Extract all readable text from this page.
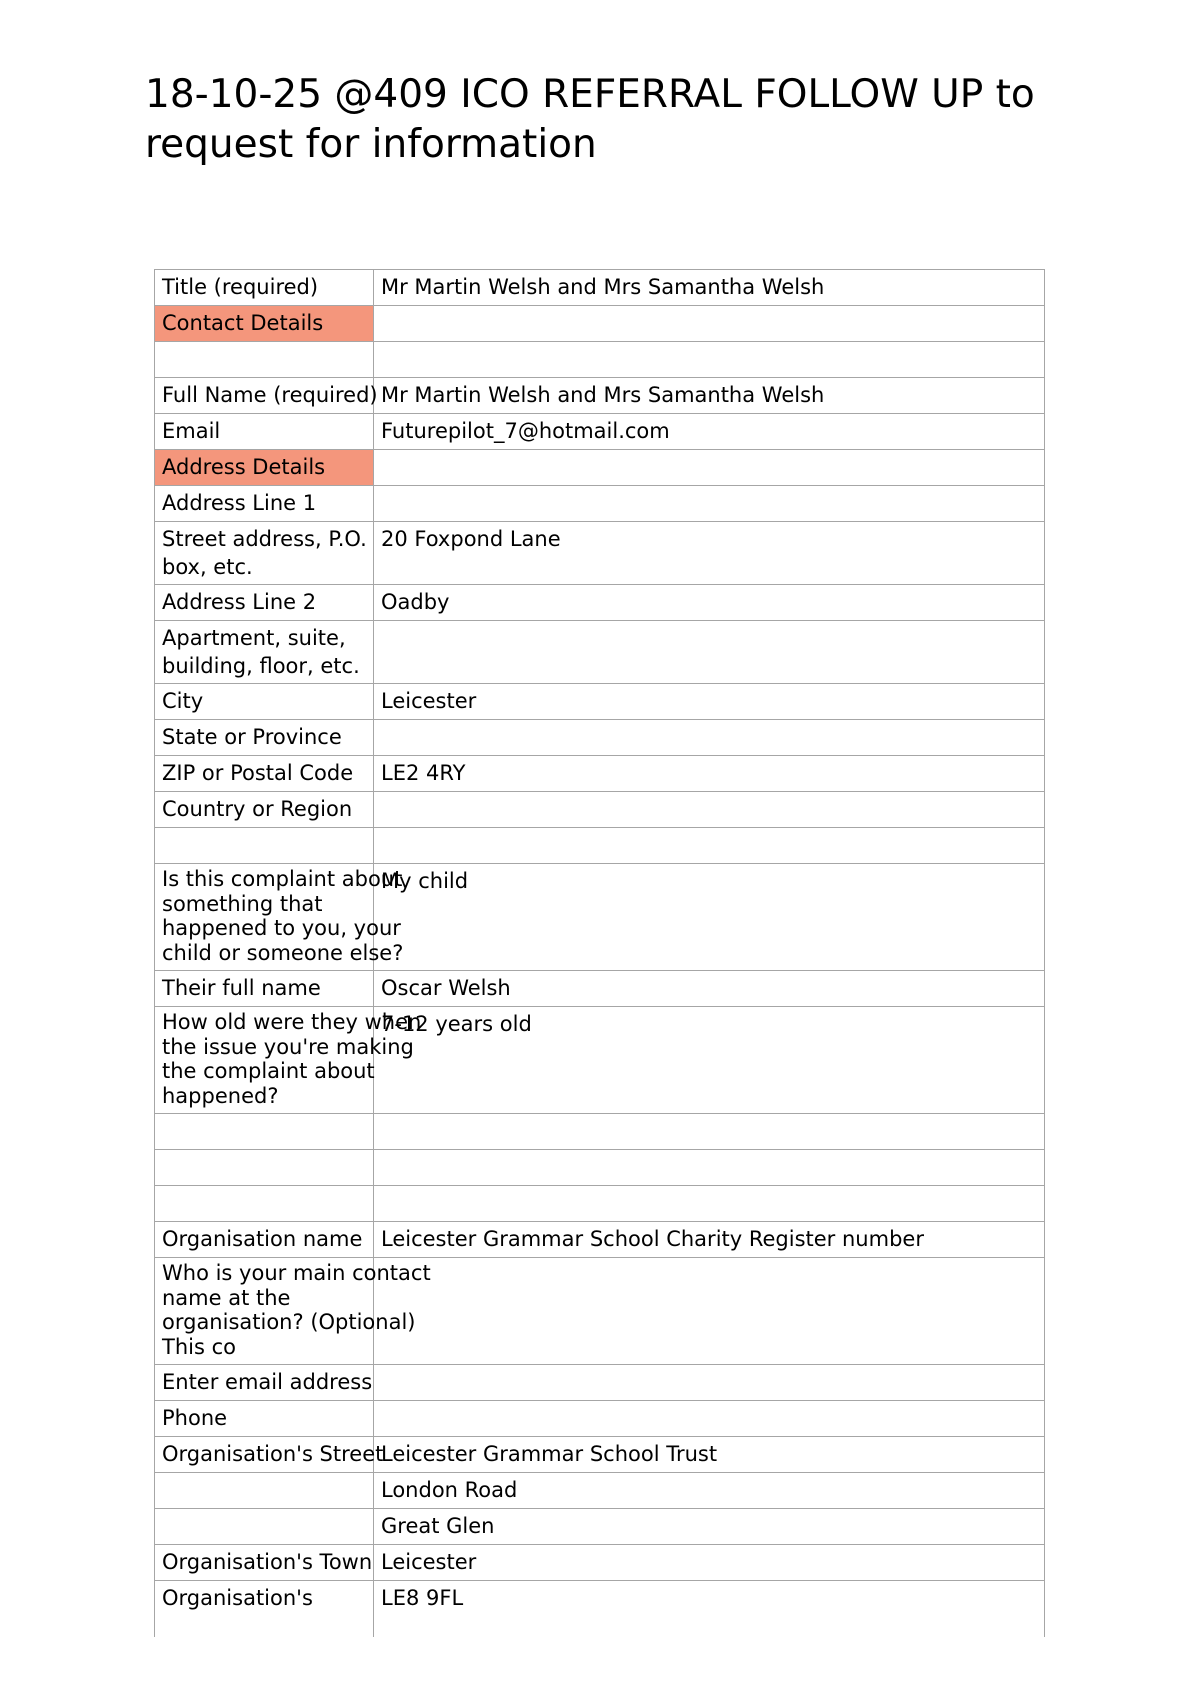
18-10-25 @409 ICO REFERRAL FOLLOW UP to request for information
Title (required)	Mr Martin Welsh and Mrs Samantha Welsh

Contact Details	

Full Name (required)	Mr Martin Welsh and Mrs Samantha Welsh

Email	Futurepilot_7@hotmail.com

Address Details	

Address Line 1	

Street address, P.O. box, etc.	20 Foxpond Lane

Address Line 2	Oadby

Apartment, suite, building, floor, etc.	

City	Leicester

State or Province	

ZIP or Postal Code	LE2 4RY

Country or Region	

Is this complaint about something that happened to you, your child or someone else?	My child

Their full name	Oscar Welsh

How old were they when the issue you're making the complaint about happened?	7-12 years old

Organisation name	Leicester Grammar School Charity Register number

Who is your main contact name at the organisation? (Optional) This co	

Enter email address	

Phone	

Organisation's Street	Leicester Grammar School Trust

	London Road

	Great Glen

Organisation's Town	Leicester

Organisation's	LE8 9FL
